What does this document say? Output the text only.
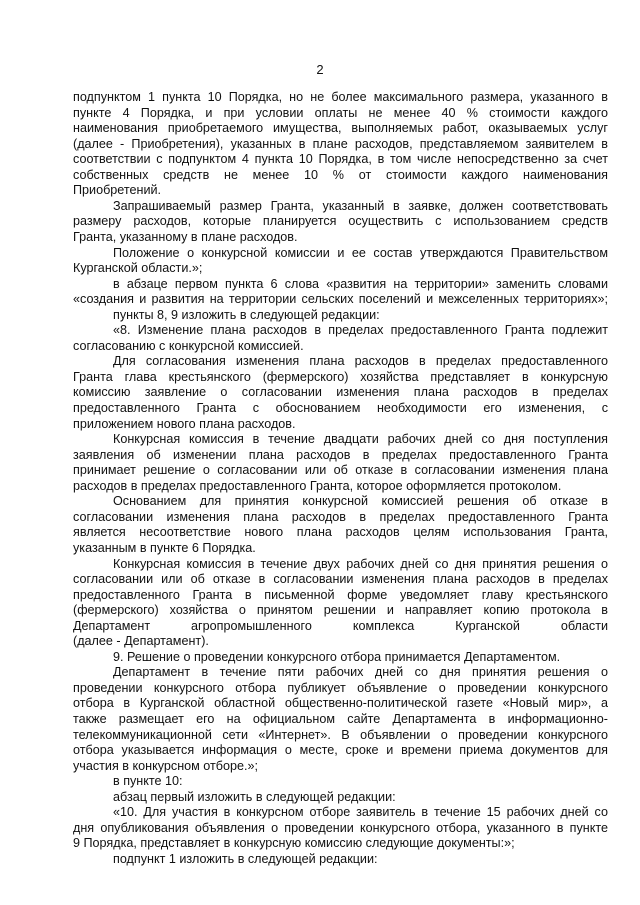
2
подпунктом 1 пункта 10 Порядка, но не более максимального размера, указанного в
пункте 4 Порядка, и при условии оплаты не менее 40 % стоимости каждого
наименования приобретаемого имущества, выполняемых работ, оказываемых услуг
(далее - Приобретения), указанных в плане расходов, представляемом заявителем в
соответствии с подпунктом 4 пункта 10 Порядка, в том числе непосредственно за счет
собственных средств не менее 10 % от стоимости каждого наименования
Приобретений.
Запрашиваемый размер Гранта, указанный в заявке, должен соответствовать
размеру расходов, которые планируется осуществить с использованием средств
Гранта, указанному в плане расходов.
Положение о конкурсной комиссии и ее состав утверждаются Правительством
Курганской области.»;
в абзаце первом пункта 6 слова «развития на территории» заменить словами
«создания и развития на территории сельских поселений и межселенных территориях»;
пункты 8, 9 изложить в следующей редакции:
«8. Изменение плана расходов в пределах предоставленного Гранта подлежит
согласованию с конкурсной комиссией.
Для согласования изменения плана расходов в пределах предоставленного
Гранта глава крестьянского (фермерского) хозяйства представляет в конкурсную
комиссию заявление о согласовании изменения плана расходов в пределах
предоставленного Гранта с обоснованием необходимости его изменения, с
приложением нового плана расходов.
Конкурсная комиссия в течение двадцати рабочих дней со дня поступления
заявления об изменении плана расходов в пределах предоставленного Гранта
принимает решение о согласовании или об отказе в согласовании изменения плана
расходов в пределах предоставленного Гранта, которое оформляется протоколом.
Основанием для принятия конкурсной комиссией решения об отказе в
согласовании изменения плана расходов в пределах предоставленного Гранта
является несоответствие нового плана расходов целям использования Гранта,
указанным в пункте 6 Порядка.
Конкурсная комиссия в течение двух рабочих дней со дня принятия решения о
согласовании или об отказе в согласовании изменения плана расходов в пределах
предоставленного Гранта в письменной форме уведомляет главу крестьянского
(фермерского) хозяйства о принятом решении и направляет копию протокола в
Департамент агропромышленного комплекса Курганской области
(далее - Департамент).
9. Решение о проведении конкурсного отбора принимается Департаментом.
Департамент в течение пяти рабочих дней со дня принятия решения о
проведении конкурсного отбора публикует объявление о проведении конкурсного
отбора в Курганской областной общественно-политической газете «Новый мир», а
также размещает его на официальном сайте Департамента в информационно-
телекоммуникационной сети «Интернет». В объявлении о проведении конкурсного
отбора указывается информация о месте, сроке и времени приема документов для
участия в конкурсном отборе.»;
в пункте 10:
абзац первый изложить в следующей редакции:
«10. Для участия в конкурсном отборе заявитель в течение 15 рабочих дней со
дня опубликования объявления о проведении конкурсного отбора, указанного в пункте
9 Порядка, представляет в конкурсную комиссию следующие документы:»;
подпункт 1 изложить в следующей редакции:
